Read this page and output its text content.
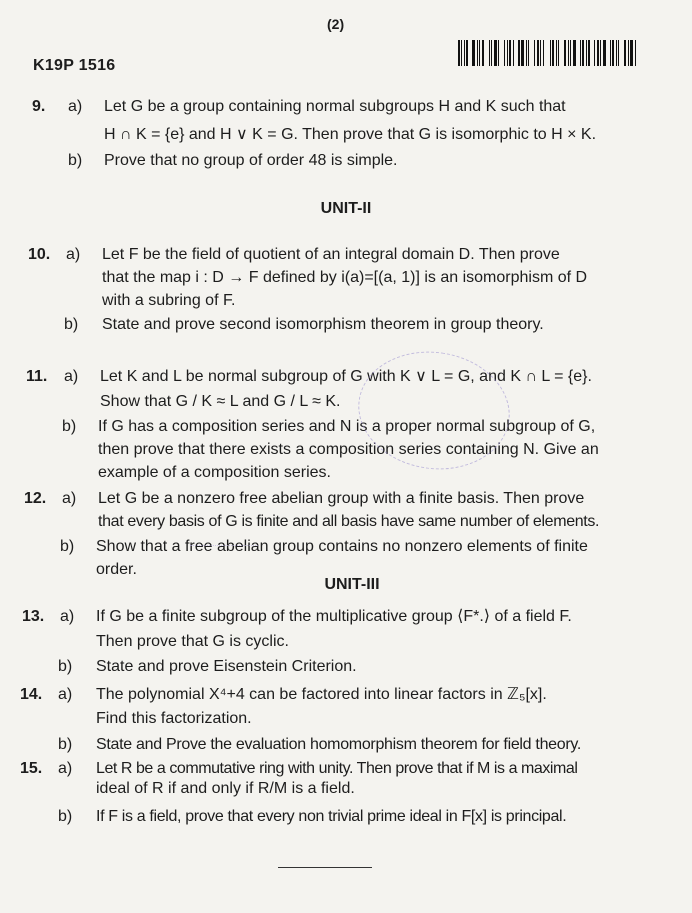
(2)
K19P 1516
9. a) Let G be a group containing normal subgroups H and K such that
H ∩ K = {e} and H ∨ K = G. Then prove that G is isomorphic to H × K.
b) Prove that no group of order 48 is simple.
UNIT-II
10. a) Let F be the field of quotient of an integral domain D. Then prove
that the map i : D → F defined by i(a)=[(a, 1)] is an isomorphism of D
with a subring of F.
b) State and prove second isomorphism theorem in group theory.
11. a) Let K and L be normal subgroup of G with K ∨ L = G, and K ∩ L = {e}.
Show that G / K ≈ L and G / L ≈ K.
b) If G has a composition series and N is a proper normal subgroup of G,
then prove that there exists a composition series containing N. Give an
example of a composition series.
12. a) Let G be a nonzero free abelian group with a finite basis. Then prove
that every basis of G is finite and all basis have same number of elements.
b) Show that a free abelian group contains no nonzero elements of finite
order.
UNIT-III
13. a) If G be a finite subgroup of the multiplicative group ⟨F*.⟩ of a field F.
Then prove that G is cyclic.
b) State and prove Eisenstein Criterion.
14. a) The polynomial X⁴+4 can be factored into linear factors in ℤ₅[x].
Find this factorization.
b) State and Prove the evaluation homomorphism theorem for field theory.
15. a) Let R be a commutative ring with unity. Then prove that if M is a maximal
ideal of R if and only if R/M is a field.
b) If F is a field, prove that every non trivial prime ideal in F[x] is principal.
